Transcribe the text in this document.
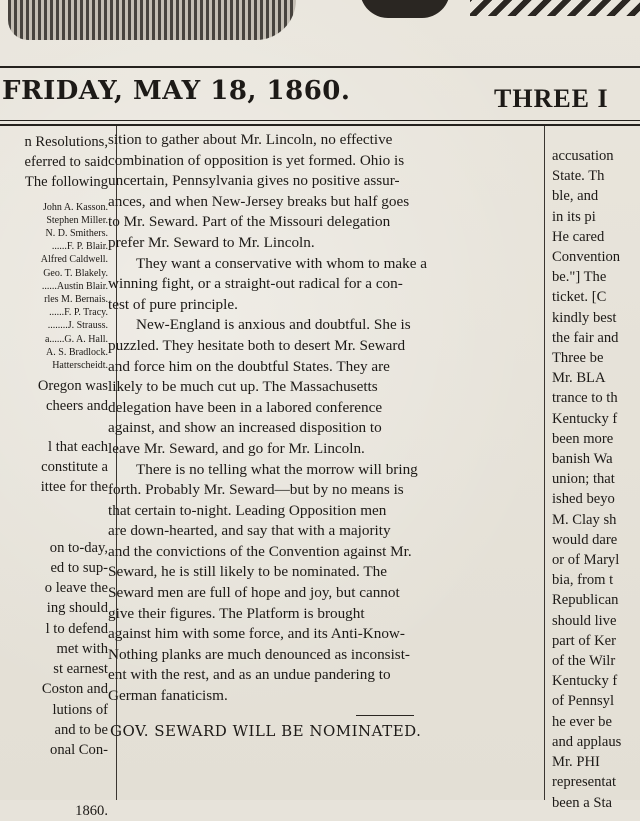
FRIDAY, MAY 18, 1860.	THREE I
n Resolutions,
eferred to said
The following
John A. Kasson.
Stephen Miller.
N. D. Smithers.
......F. P. Blair.
Alfred Caldwell.
Geo. T. Blakely.
......Austin Blair.
rles M. Bernais.
......F. P. Tracy.
........J. Strauss.
a......G. A. Hall.
A. S. Bradlock.
Hatterscheidt.
Oregon was
cheers and

l that each
constitute a
ittee for the

on to-day,
ed to sup-
o leave the
ing should
l to defend
met with
st earnest
Coston and
lutions of
and to be
onal Con-

1860.
sition to gather about Mr. Lincoln, no effective
combination of opposition is yet formed. Ohio is
uncertain, Pennsylvania gives no positive assur-
ances, and when New-Jersey breaks but half goes
to Mr. Seward. Part of the Missouri delegation
prefer Mr. Seward to Mr. Lincoln.
They want a conservative with whom to make a
winning fight, or a straight-out radical for a con-
test of pure principle.
New-England is anxious and doubtful. She is
puzzled. They hesitate both to desert Mr. Seward
and force him on the doubtful States. They are
likely to be much cut up. The Massachusetts
delegation have been in a labored conference
against, and show an increased disposition to
leave Mr. Seward, and go for Mr. Lincoln.
There is no telling what the morrow will bring
forth. Probably Mr. Seward—but by no means is
that certain to-night. Leading Opposition men
are down-hearted, and say that with a majority
and the convictions of the Convention against Mr.
Seward, he is still likely to be nominated. The
Seward men are full of hope and joy, but cannot
give their figures. The Platform is brought
against him with some force, and its Anti-Know-
Nothing planks are much denounced as inconsist-
ent with the rest, and as an undue pandering to
German fanaticism.
GOV. SEWARD WILL BE NOMINATED.
accusation
State. Th
ble, and
in its pi
He cared
Convention
be."] The
ticket. [C
kindly best
the fair and
Three be
Mr. BLA
trance to th
Kentucky f
been more
banish Wa
union; that
ished beyo
M. Clay sh
would dare
or of Maryl
bia, from t
Republican
should live
part of Ker
of the Wilr
Kentucky f
of Pennsyl
he ever be
and applaus
Mr. PHI
representat
been a Sta
